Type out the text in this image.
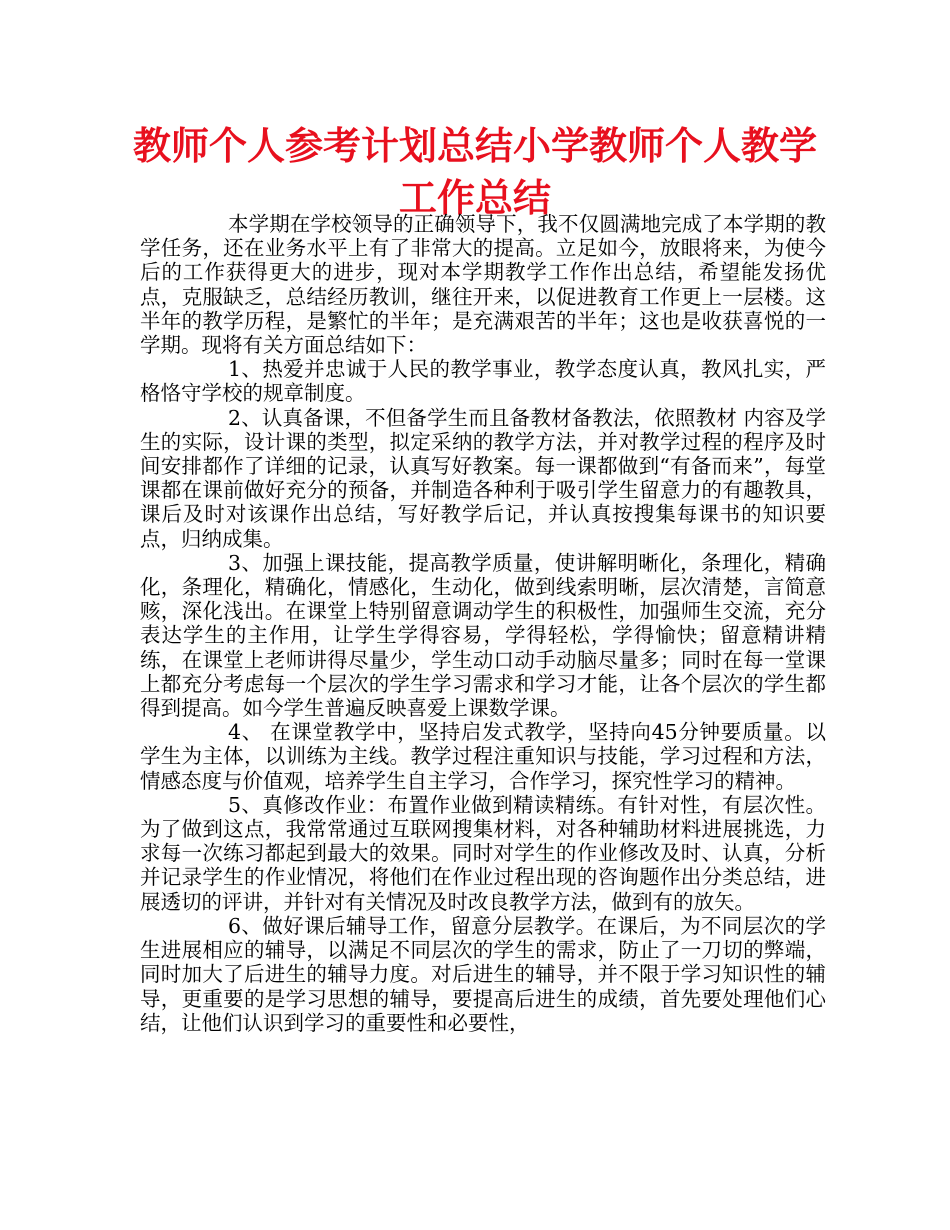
教师个人参考计划总结小学教师个人教学工作总结

本学期在学校领导的正确领导下，我不仅圆满地完成了本学期的教学任务，还在业务水平上有了非常大的提高。立足如今，放眼将来，为使今后的工作获得更大的进步，现对本学期教学工作作出总结，希望能发扬优点，克服缺乏，总结经历教训，继往开来，以促进教育工作更上一层楼。这半年的教学历程，是繁忙的半年；是充满艰苦的半年；这也是收获喜悦的一学期。现将有关方面总结如下：

1、热爱并忠诚于人民的教学事业，教学态度认真，教风扎实，严格恪守学校的规章制度。

2、认真备课，不但备学生而且备教材备教法，依照教材 内容及学生的实际，设计课的类型，拟定采纳的教学方法，并对教学过程的程序及时间安排都作了详细的记录，认真写好教案。每一课都做到“有备而来”，每堂课都在课前做好充分的预备，并制造各种利于吸引学生留意力的有趣教具，课后及时对该课作出总结，写好教学后记，并认真按搜集每课书的知识要点，归纳成集。

3、加强上课技能，提高教学质量，使讲解明晰化，条理化，精确化，条理化，精确化，情感化，生动化，做到线索明晰，层次清楚，言简意赅，深化浅出。在课堂上特别留意调动学生的积极性，加强师生交流，充分表达学生的主作用，让学生学得容易，学得轻松，学得愉快；留意精讲精练，在课堂上老师讲得尽量少，学生动口动手动脑尽量多；同时在每一堂课上都充分考虑每一个层次的学生学习需求和学习才能，让各个层次的学生都得到提高。如今学生普遍反映喜爱上课数学课。

4、 在课堂教学中，坚持启发式教学，坚持向45分钟要质量。以学生为主体，以训练为主线。教学过程注重知识与技能，学习过程和方法，情感态度与价值观，培养学生自主学习，合作学习，探究性学习的精神。

5、真修改作业：布置作业做到精读精练。有针对性，有层次性。为了做到这点，我常常通过互联网搜集材料，对各种辅助材料进展挑选，力求每一次练习都起到最大的效果。同时对学生的作业修改及时、认真，分析并记录学生的作业情况，将他们在作业过程出现的咨询题作出分类总结，进展透切的评讲，并针对有关情况及时改良教学方法，做到有的放矢。

6、做好课后辅导工作，留意分层教学。在课后，为不同层次的学生进展相应的辅导，以满足不同层次的学生的需求，防止了一刀切的弊端，同时加大了后进生的辅导力度。对后进生的辅导，并不限于学习知识性的辅导，更重要的是学习思想的辅导，要提高后进生的成绩，首先要处理他们心结，让他们认识到学习的重要性和必要性，
